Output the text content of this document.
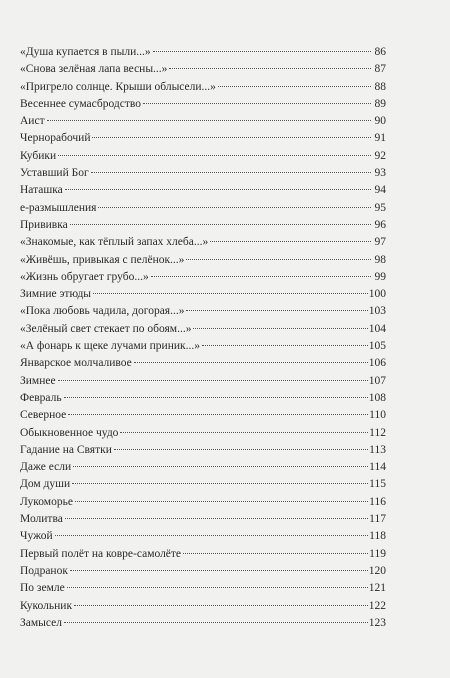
«Душа купается в пыли...»	86
«Снова зелёная лапа весны...»	87
«Пригрело солнце. Крыши облысели...»	88
Весеннее сумасбродство	89
Аист	90
Чернорабочий	91
Кубики	92
Уставший Бог	93
Наташка	94
е-размышления	95
Прививка	96
«Знакомые, как тёплый запах хлеба...»	97
«Живёшь, привыкая с пелёнок...»	98
«Жизнь обругает грубо...»	99
Зимние этюды	100
«Пока любовь чадила, догорая...»	103
«Зелёный свет стекает по обоям...»	104
«А фонарь к щеке лучами приник...»	105
Январское молчаливое	106
Зимнее	107
Февраль	108
Северное	110
Обыкновенное чудо	112
Гадание на Святки	113
Даже если	114
Дом души	115
Лукоморье	116
Молитва	117
Чужой	118
Первый полёт на ковре-самолёте	119
Подранок	120
По земле	121
Кукольник	122
Замысел	123
